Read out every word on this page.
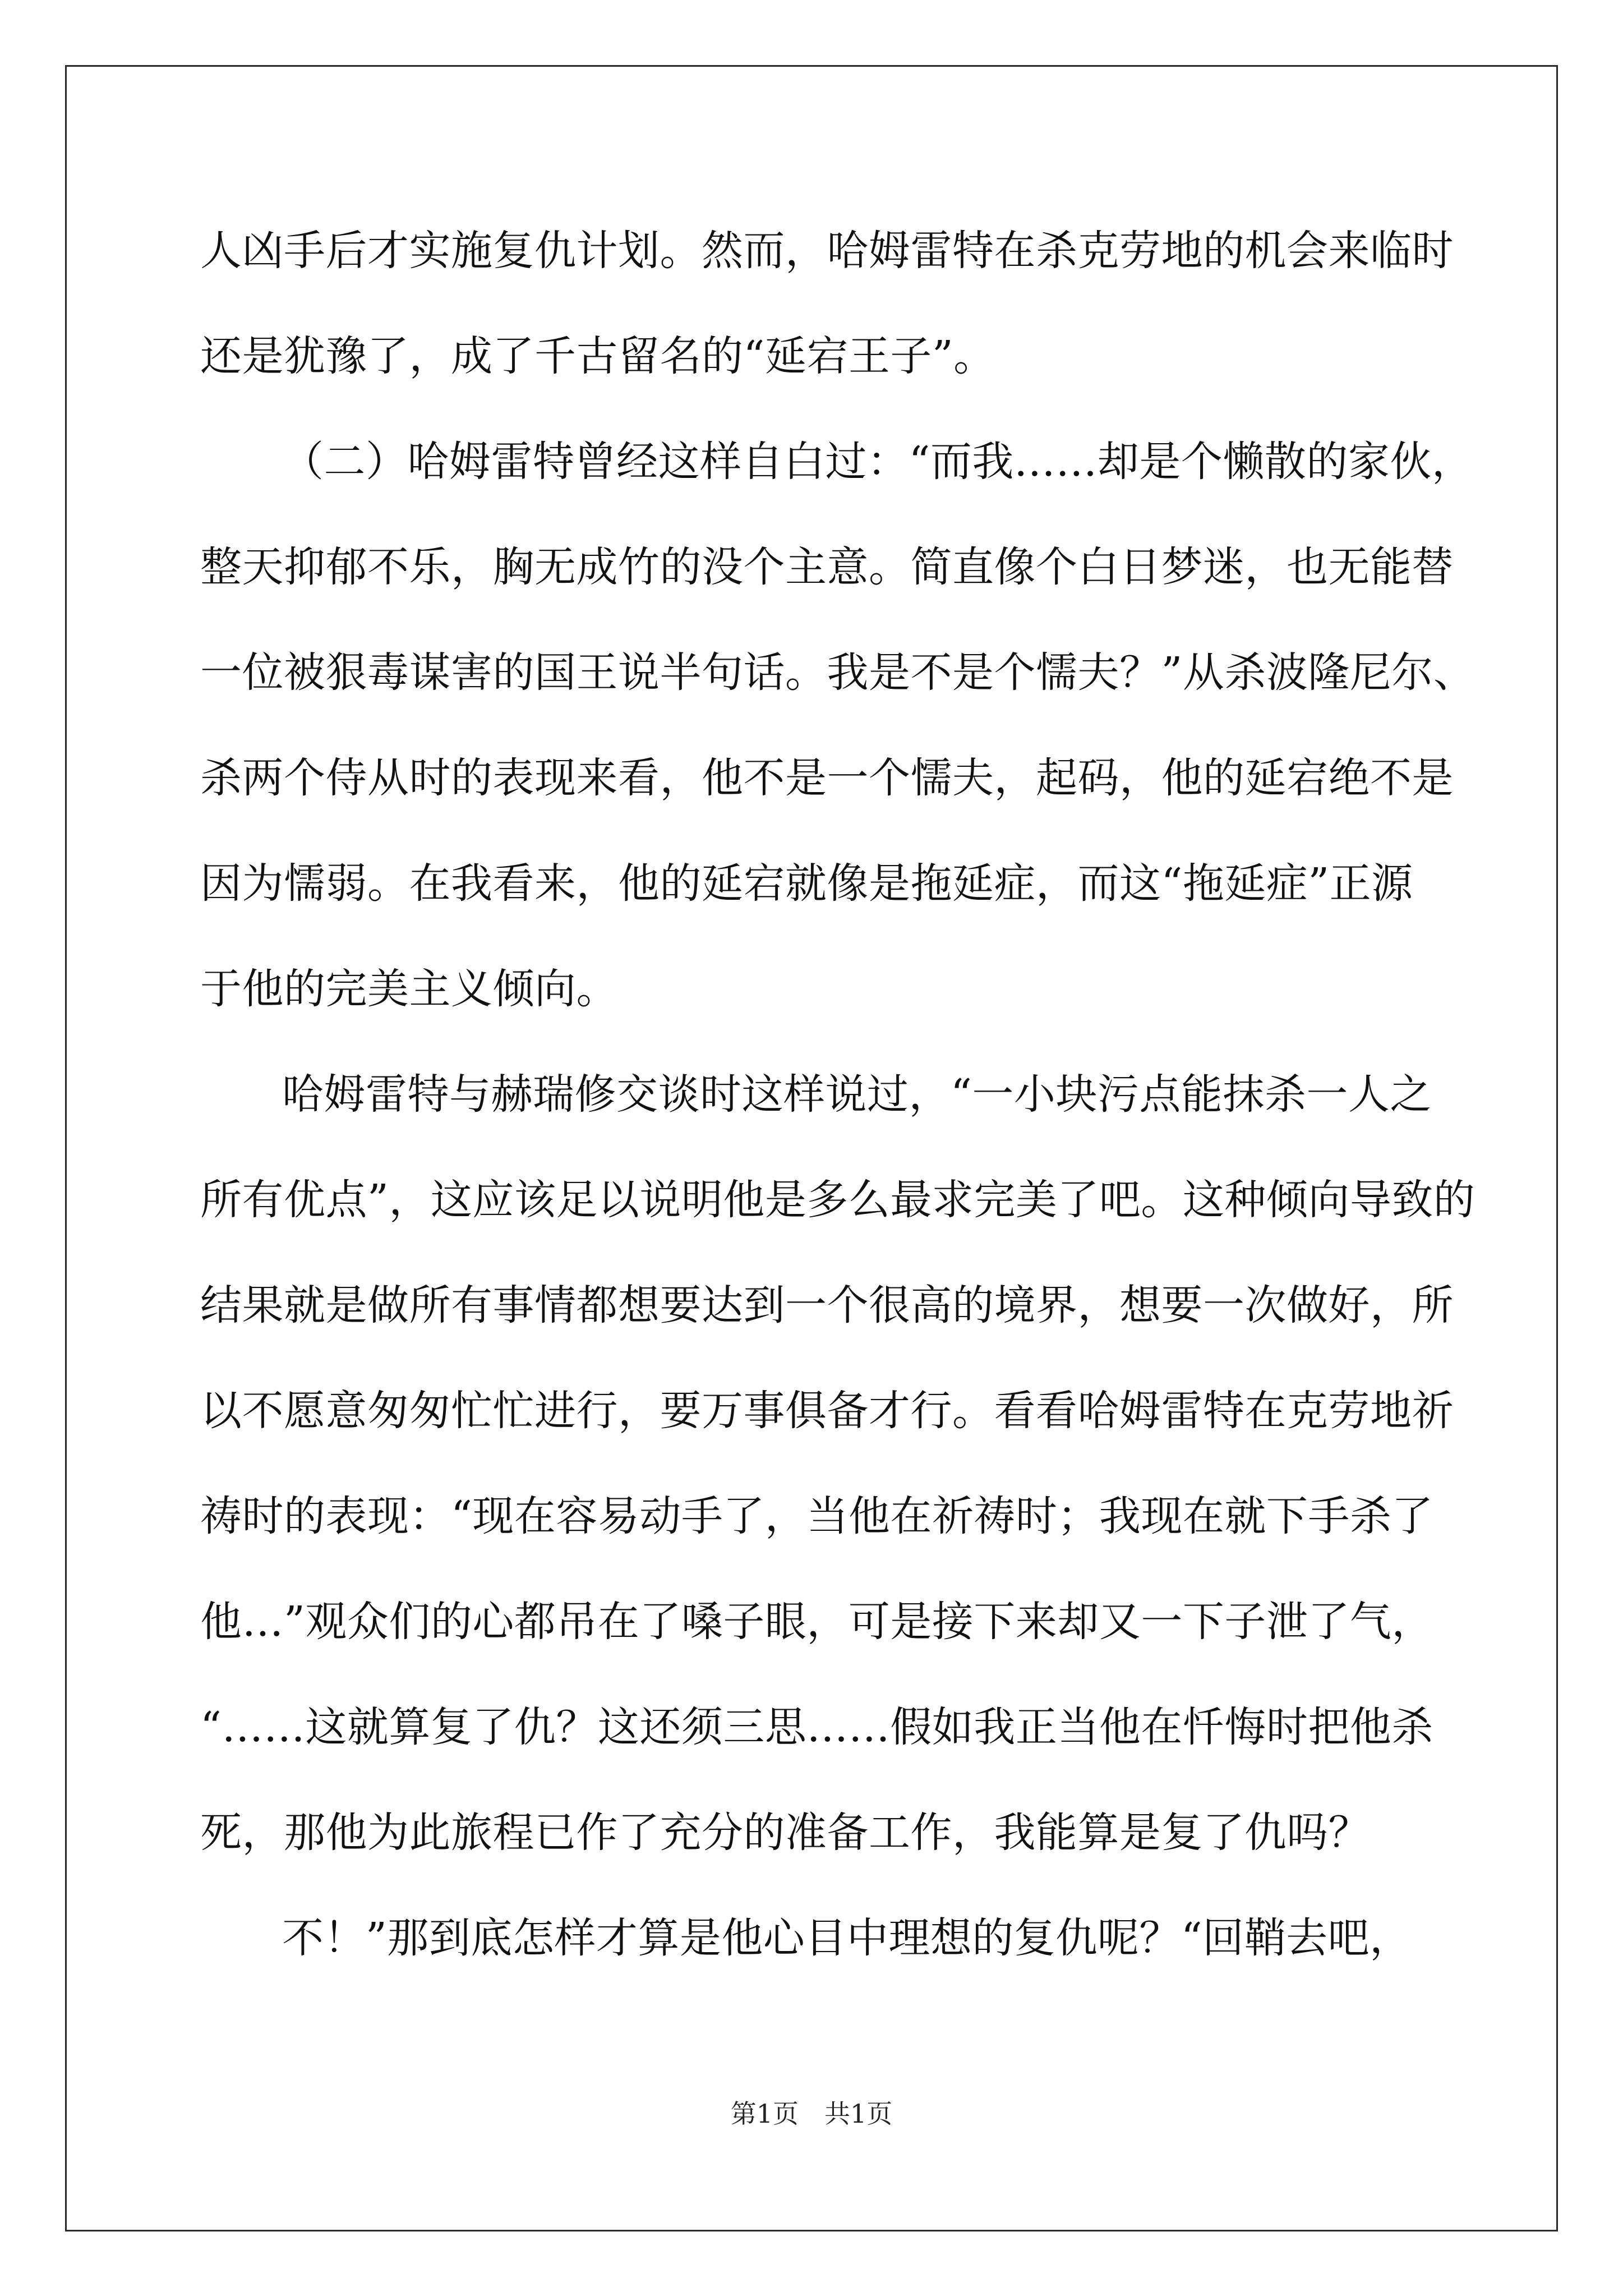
人凶手后才实施复仇计划。然而，哈姆雷特在杀克劳地的机会来临时
还是犹豫了，成了千古留名的“延宕王子”。
（二）哈姆雷特曾经这样自白过：“而我……却是个懒散的家伙，
整天抑郁不乐，胸无成竹的没个主意。简直像个白日梦迷，也无能替
一位被狠毒谋害的国王说半句话。我是不是个懦夫？”从杀波隆尼尔、
杀两个侍从时的表现来看，他不是一个懦夫，起码，他的延宕绝不是
因为懦弱。在我看来，他的延宕就像是拖延症，而这“拖延症”正源
于他的完美主义倾向。
哈姆雷特与赫瑞修交谈时这样说过，“一小块污点能抹杀一人之
所有优点”，这应该足以说明他是多么最求完美了吧。这种倾向导致的
结果就是做所有事情都想要达到一个很高的境界，想要一次做好，所
以不愿意匆匆忙忙进行，要万事俱备才行。看看哈姆雷特在克劳地祈
祷时的表现：“现在容易动手了，当他在祈祷时；我现在就下手杀了
他…”观众们的心都吊在了嗓子眼，可是接下来却又一下子泄了气，
“……这就算复了仇？这还须三思……假如我正当他在忏悔时把他杀
死，那他为此旅程已作了充分的准备工作，我能算是复了仇吗？
不！”那到底怎样才算是他心目中理想的复仇呢？“回鞘去吧，
第1页　共1页
